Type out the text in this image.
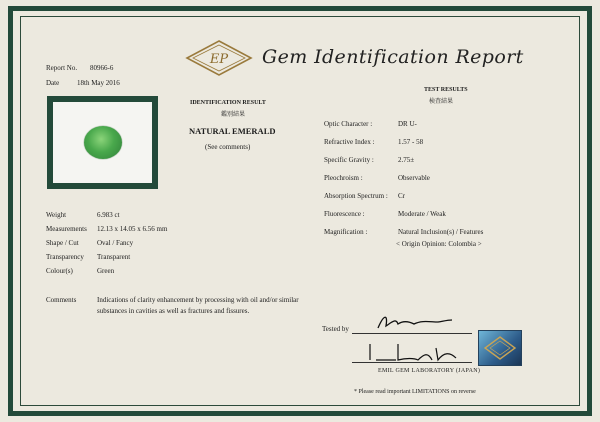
EP Gem Identification Report
Report No. 80966-6
Date	18th May 2016
IDENTIFICATION RESULT
鑑別結果
NATURAL EMERALD
(See comments)
TEST RESULTS
検査結果
Optic Character :	DR U-
Refractive Index :	1.57 - 58
Specific Gravity :	2.75±
Pleochroism :	Observable
Absorption Spectrum : Cr
Fluorescence :	Moderate / Weak
Magnification :	Natural Inclusion(s) / Features
< Origin Opinion: Colombia >
Weight	6.983 ct
Measurements 12.13 x 14.05 x 6.56 mm
Shape / Cut	Oval / Fancy
Transparency Transparent
Colour(s)	Green
Comments	Indications of clarity enhancement by processing with oil and/or similar
substances in cavities as well as fractures and fissures.
Tested by
EMIL GEM LABORATORY (JAPAN)
* Please read important LIMITATIONS on reverse
